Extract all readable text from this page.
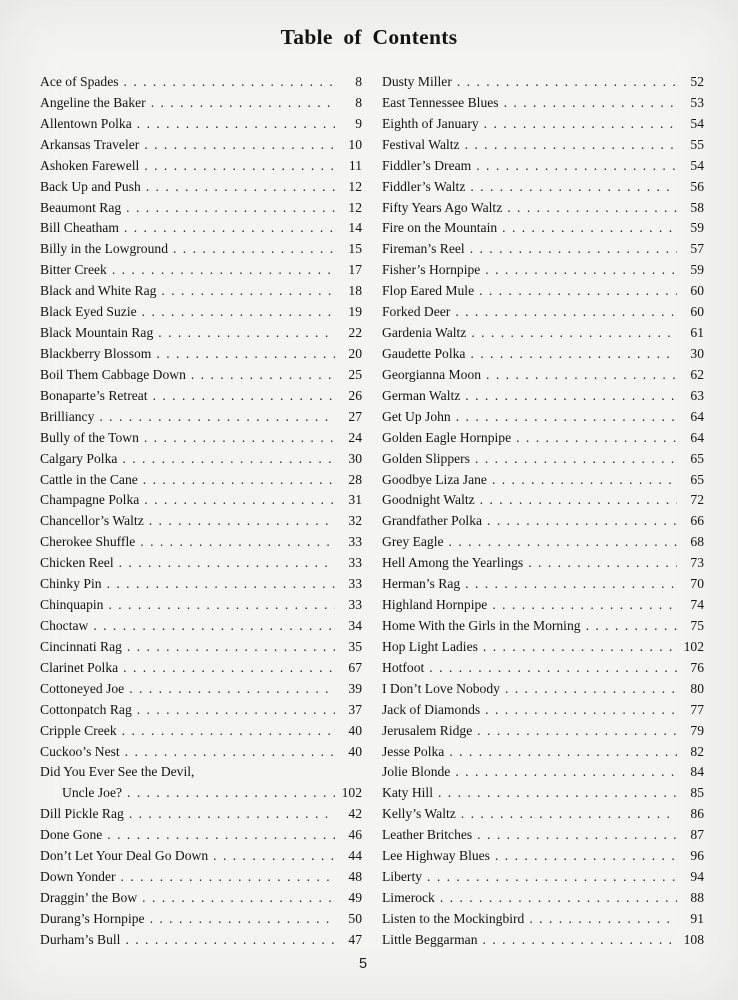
Table of Contents
Ace of Spades . . .	8
Angeline the Baker . . .	8
Allentown Polka . . .	9
Arkansas Traveler . . .	10
Ashoken Farewell . . .	11
Back Up and Push . . .	12
Beaumont Rag . . .	12
Bill Cheatham . . .	14
Billy in the Lowground . . .	15
Bitter Creek . . .	17
Black and White Rag . . .	18
Black Eyed Suzie . . .	19
Black Mountain Rag . . .	22
Blackberry Blossom . . .	20
Boil Them Cabbage Down . . .	25
Bonaparte’s Retreat . . .	26
Brilliancy . . .	27
Bully of the Town . . .	24
Calgary Polka . . .	30
Cattle in the Cane . . .	28
Champagne Polka . . .	31
Chancellor’s Waltz . . .	32
Cherokee Shuffle . . .	33
Chicken Reel . . .	33
Chinky Pin . . .	33
Chinquapin . . .	33
Choctaw . . .	34
Cincinnati Rag . . .	35
Clarinet Polka . . .	67
Cottoneyed Joe . . .	39
Cottonpatch Rag . . .	37
Cripple Creek . . .	40
Cuckoo’s Nest . . .	40
Did You Ever See the Devil,
Uncle Joe? . . .	102
Dill Pickle Rag . . .	42
Done Gone . . .	46
Don’t Let Your Deal Go Down . . .	44
Down Yonder . . .	48
Draggin’ the Bow . . .	49
Durang’s Hornpipe . . .	50
Durham’s Bull . . .	47
Dusty Miller . . .	52
East Tennessee Blues . . .	53
Eighth of January . . .	54
Festival Waltz . . .	55
Fiddler’s Dream . . .	54
Fiddler’s Waltz . . .	56
Fifty Years Ago Waltz . . .	58
Fire on the Mountain . . .	59
Fireman’s Reel . . .	57
Fisher’s Hornpipe . . .	59
Flop Eared Mule . . .	60
Forked Deer . . .	60
Gardenia Waltz . . .	61
Gaudette Polka . . .	30
Georgianna Moon . . .	62
German Waltz . . .	63
Get Up John . . .	64
Golden Eagle Hornpipe . . .	64
Golden Slippers . . .	65
Goodbye Liza Jane . . .	65
Goodnight Waltz . . .	72
Grandfather Polka . . .	66
Grey Eagle . . .	68
Hell Among the Yearlings . . .	73
Herman’s Rag . . .	70
Highland Hornpipe . . .	74
Home With the Girls in the Morning . . .	75
Hop Light Ladies . . .	102
Hotfoot . . .	76
I Don’t Love Nobody . . .	80
Jack of Diamonds . . .	77
Jerusalem Ridge . . .	79
Jesse Polka . . .	82
Jolie Blonde . . .	84
Katy Hill . . .	85
Kelly’s Waltz . . .	86
Leather Britches . . .	87
Lee Highway Blues . . .	96
Liberty . . .	94
Limerock . . .	88
Listen to the Mockingbird . . .	91
Little Beggarman . . .	108
5
